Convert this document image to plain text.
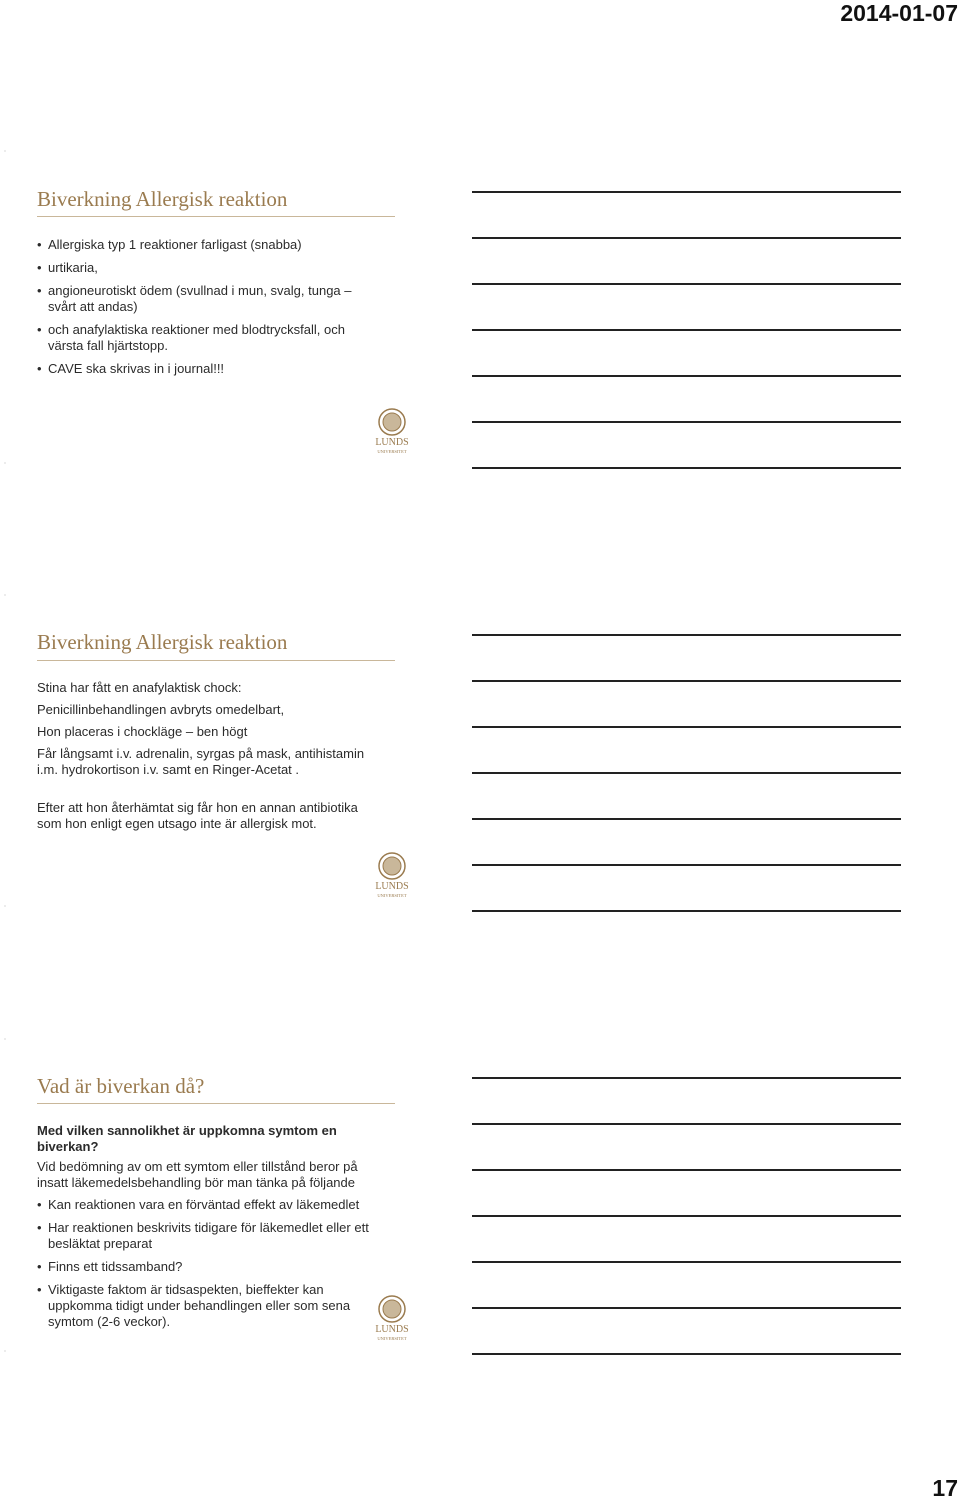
2014-01-07
Biverkning Allergisk reaktion
• Allergiska typ 1 reaktioner farligast (snabba)
• urtikaria,
• angioneurotiskt ödem (svullnad i mun, svalg, tunga – svårt att andas)
• och anafylaktiska reaktioner med blodtrycksfall, och värsta fall hjärtstopp.
• CAVE ska skrivas in i journal!!!
LUNDS
UNIVERSITET
Biverkning Allergisk reaktion

Stina har fått en anafylaktisk chock:

Penicillinbehandlingen avbryts omedelbart,

Hon placeras i chockläge – ben högt

Får långsamt i.v. adrenalin, syrgas på mask, antihistamin i.m. hydrokortison i.v. samt en Ringer-Acetat .

Efter att hon återhämtat sig får hon en annan antibiotika som hon enligt egen utsago inte är allergisk mot.

LUNDS
UNIVERSITET
Vad är biverkan då?

Med vilken sannolikhet är uppkomna symtom en biverkan?

Vid bedömning av om ett symtom eller tillstånd beror på insatt läkemedelsbehandling bör man tänka på följande

• Kan reaktionen vara en förväntad effekt av läkemedlet
• Har reaktionen beskrivits tidigare för läkemedlet eller ett besläktat preparat
• Finns ett tidssamband?
• Viktigaste faktom är tidsaspekten, bieffekter kan uppkomma tidigt under behandlingen eller som sena symtom (2-6 veckor).
LUNDS
UNIVERSITET
17
